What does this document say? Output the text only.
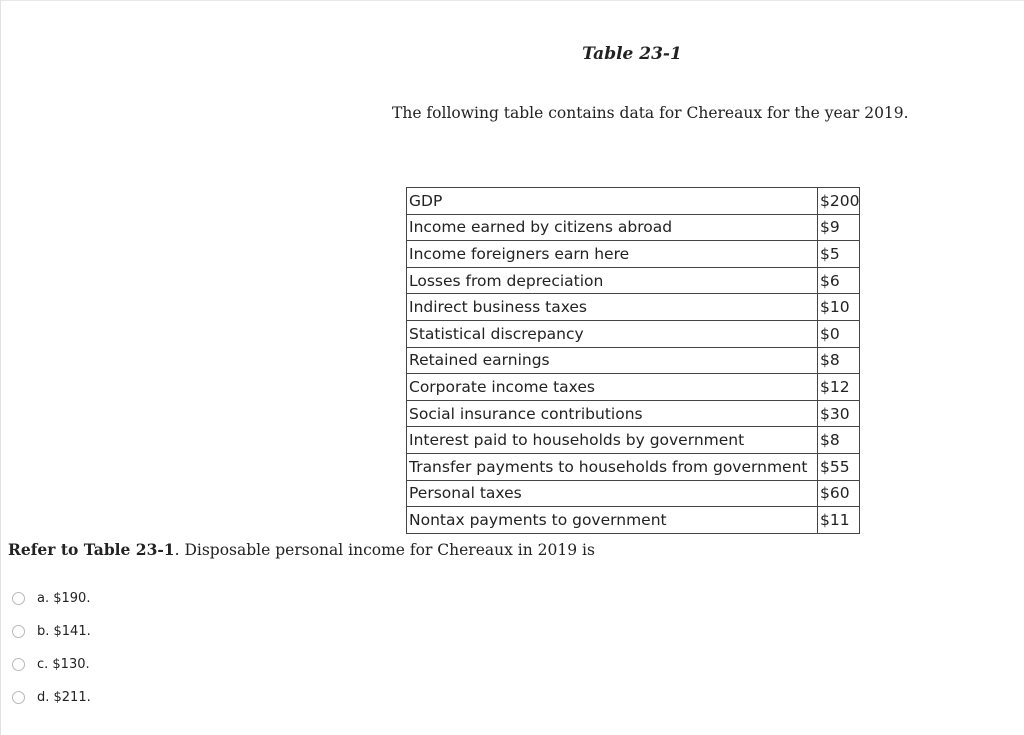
Table 23-1

The following table contains data for Chereaux for the year 2019.

GDP	$200
Income earned by citizens abroad	$9
Income foreigners earn here	$5
Losses from depreciation	$6
Indirect business taxes	$10
Statistical discrepancy	$0
Retained earnings	$8
Corporate income taxes	$12
Social insurance contributions	$30
Interest paid to households by government	$8
Transfer payments to households from government	$55
Personal taxes	$60
Nontax payments to government	$11

Refer to Table 23-1. Disposable personal income for Chereaux in 2019 is

a. $190.
b. $141.
c. $130.
d. $211.
